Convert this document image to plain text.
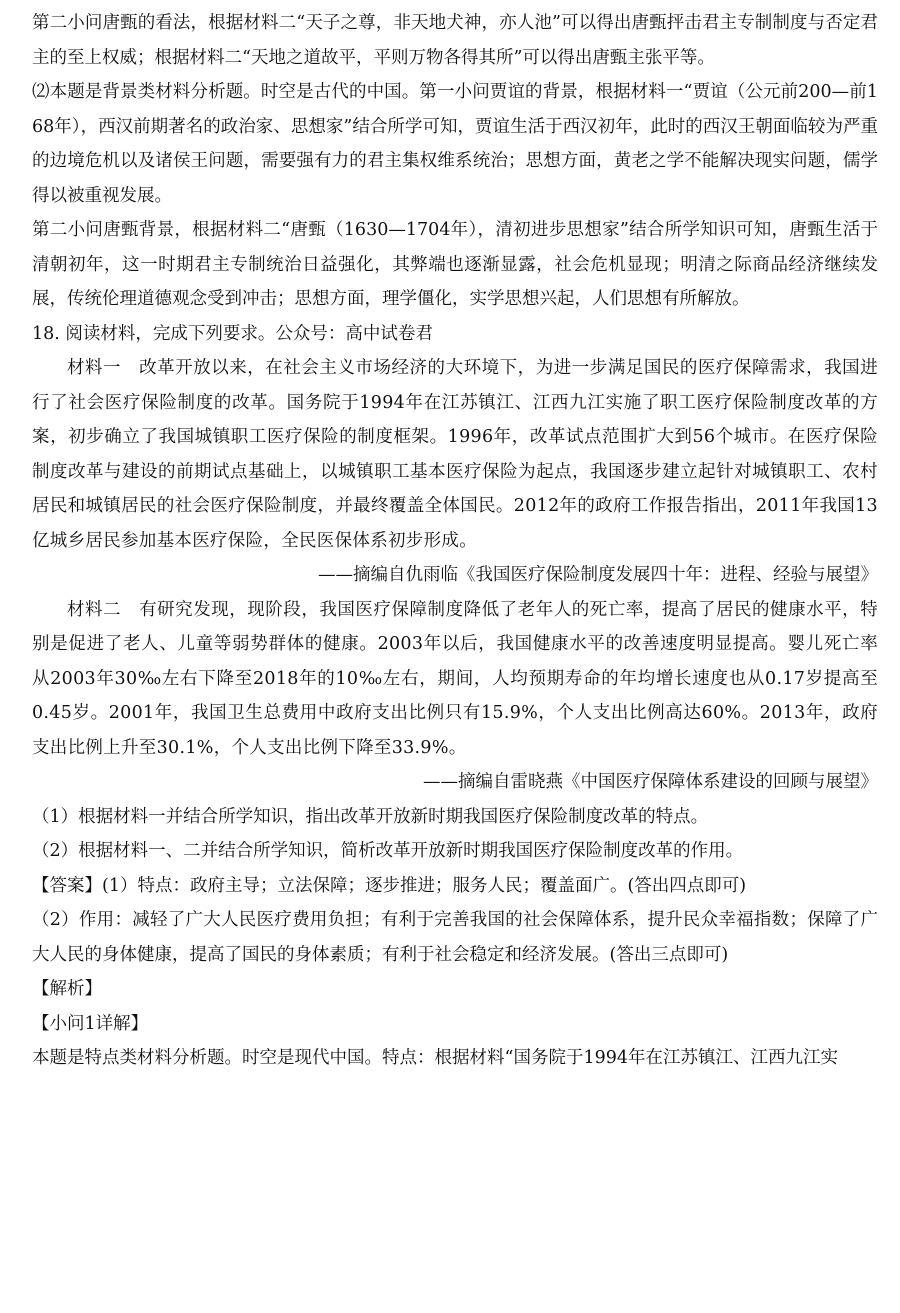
第二小问唐甄的看法，根据材料二“天子之尊，非天地犬神，亦人池”可以得出唐甄抨击君主专制制度与否定君主的至上权威；根据材料二“天地之道故平，平则万物各得其所”可以得出唐甄主张平等。

⑵本题是背景类材料分析题。时空是古代的中国。第一小问贾谊的背景，根据材料一“贾谊（公元前200—前168年），西汉前期著名的政治家、思想家”结合所学可知，贾谊生活于西汉初年，此时的西汉王朝面临较为严重的边境危机以及诸侯王问题，需要强有力的君主集权维系统治；思想方面，黄老之学不能解决现实问题，儒学得以被重视发展。

第二小问唐甄背景，根据材料二“唐甄（1630—1704年），清初进步思想家”结合所学知识可知，唐甄生活于清朝初年，这一时期君主专制统治日益强化，其弊端也逐渐显露，社会危机显现；明清之际商品经济继续发展，传统伦理道德观念受到冲击；思想方面，理学僵化，实学思想兴起，人们思想有所解放。

18. 阅读材料，完成下列要求。公众号：高中试卷君

材料一　改革开放以来，在社会主义市场经济的大环境下，为进一步满足国民的医疗保障需求，我国进行了社会医疗保险制度的改革。国务院于1994年在江苏镇江、江西九江实施了职工医疗保险制度改革的方案，初步确立了我国城镇职工医疗保险的制度框架。1996年，改革试点范围扩大到56个城市。在医疗保险制度改革与建设的前期试点基础上，以城镇职工基本医疗保险为起点，我国逐步建立起针对城镇职工、农村居民和城镇居民的社会医疗保险制度，并最终覆盖全体国民。2012年的政府工作报告指出，2011年我国13亿城乡居民参加基本医疗保险，全民医保体系初步形成。

——摘编自仇雨临《我国医疗保险制度发展四十年：进程、经验与展望》

材料二　有研究发现，现阶段，我国医疗保障制度降低了老年人的死亡率，提高了居民的健康水平，特别是促进了老人、儿童等弱势群体的健康。2003年以后，我国健康水平的改善速度明显提高。婴儿死亡率从2003年30‰左右下降至2018年的10‰左右，期间，人均预期寿命的年均增长速度也从0.17岁提高至0.45岁。2001年，我国卫生总费用中政府支出比例只有15.9%，个人支出比例高达60%。2013年，政府支出比例上升至30.1%，个人支出比例下降至33.9%。

——摘编自雷晓燕《中国医疗保障体系建设的回顾与展望》

（1）根据材料一并结合所学知识，指出改革开放新时期我国医疗保险制度改革的特点。

（2）根据材料一、二并结合所学知识，简析改革开放新时期我国医疗保险制度改革的作用。

【答案】(1）特点：政府主导；立法保障；逐步推进；服务人民；覆盖面广。(答出四点即可)

（2）作用：减轻了广大人民医疗费用负担；有利于完善我国的社会保障体系，提升民众幸福指数；保障了广大人民的身体健康，提高了国民的身体素质；有利于社会稳定和经济发展。(答出三点即可)

【解析】

【小问1详解】

本题是特点类材料分析题。时空是现代中国。特点：根据材料“国务院于1994年在江苏镇江、江西九江实
